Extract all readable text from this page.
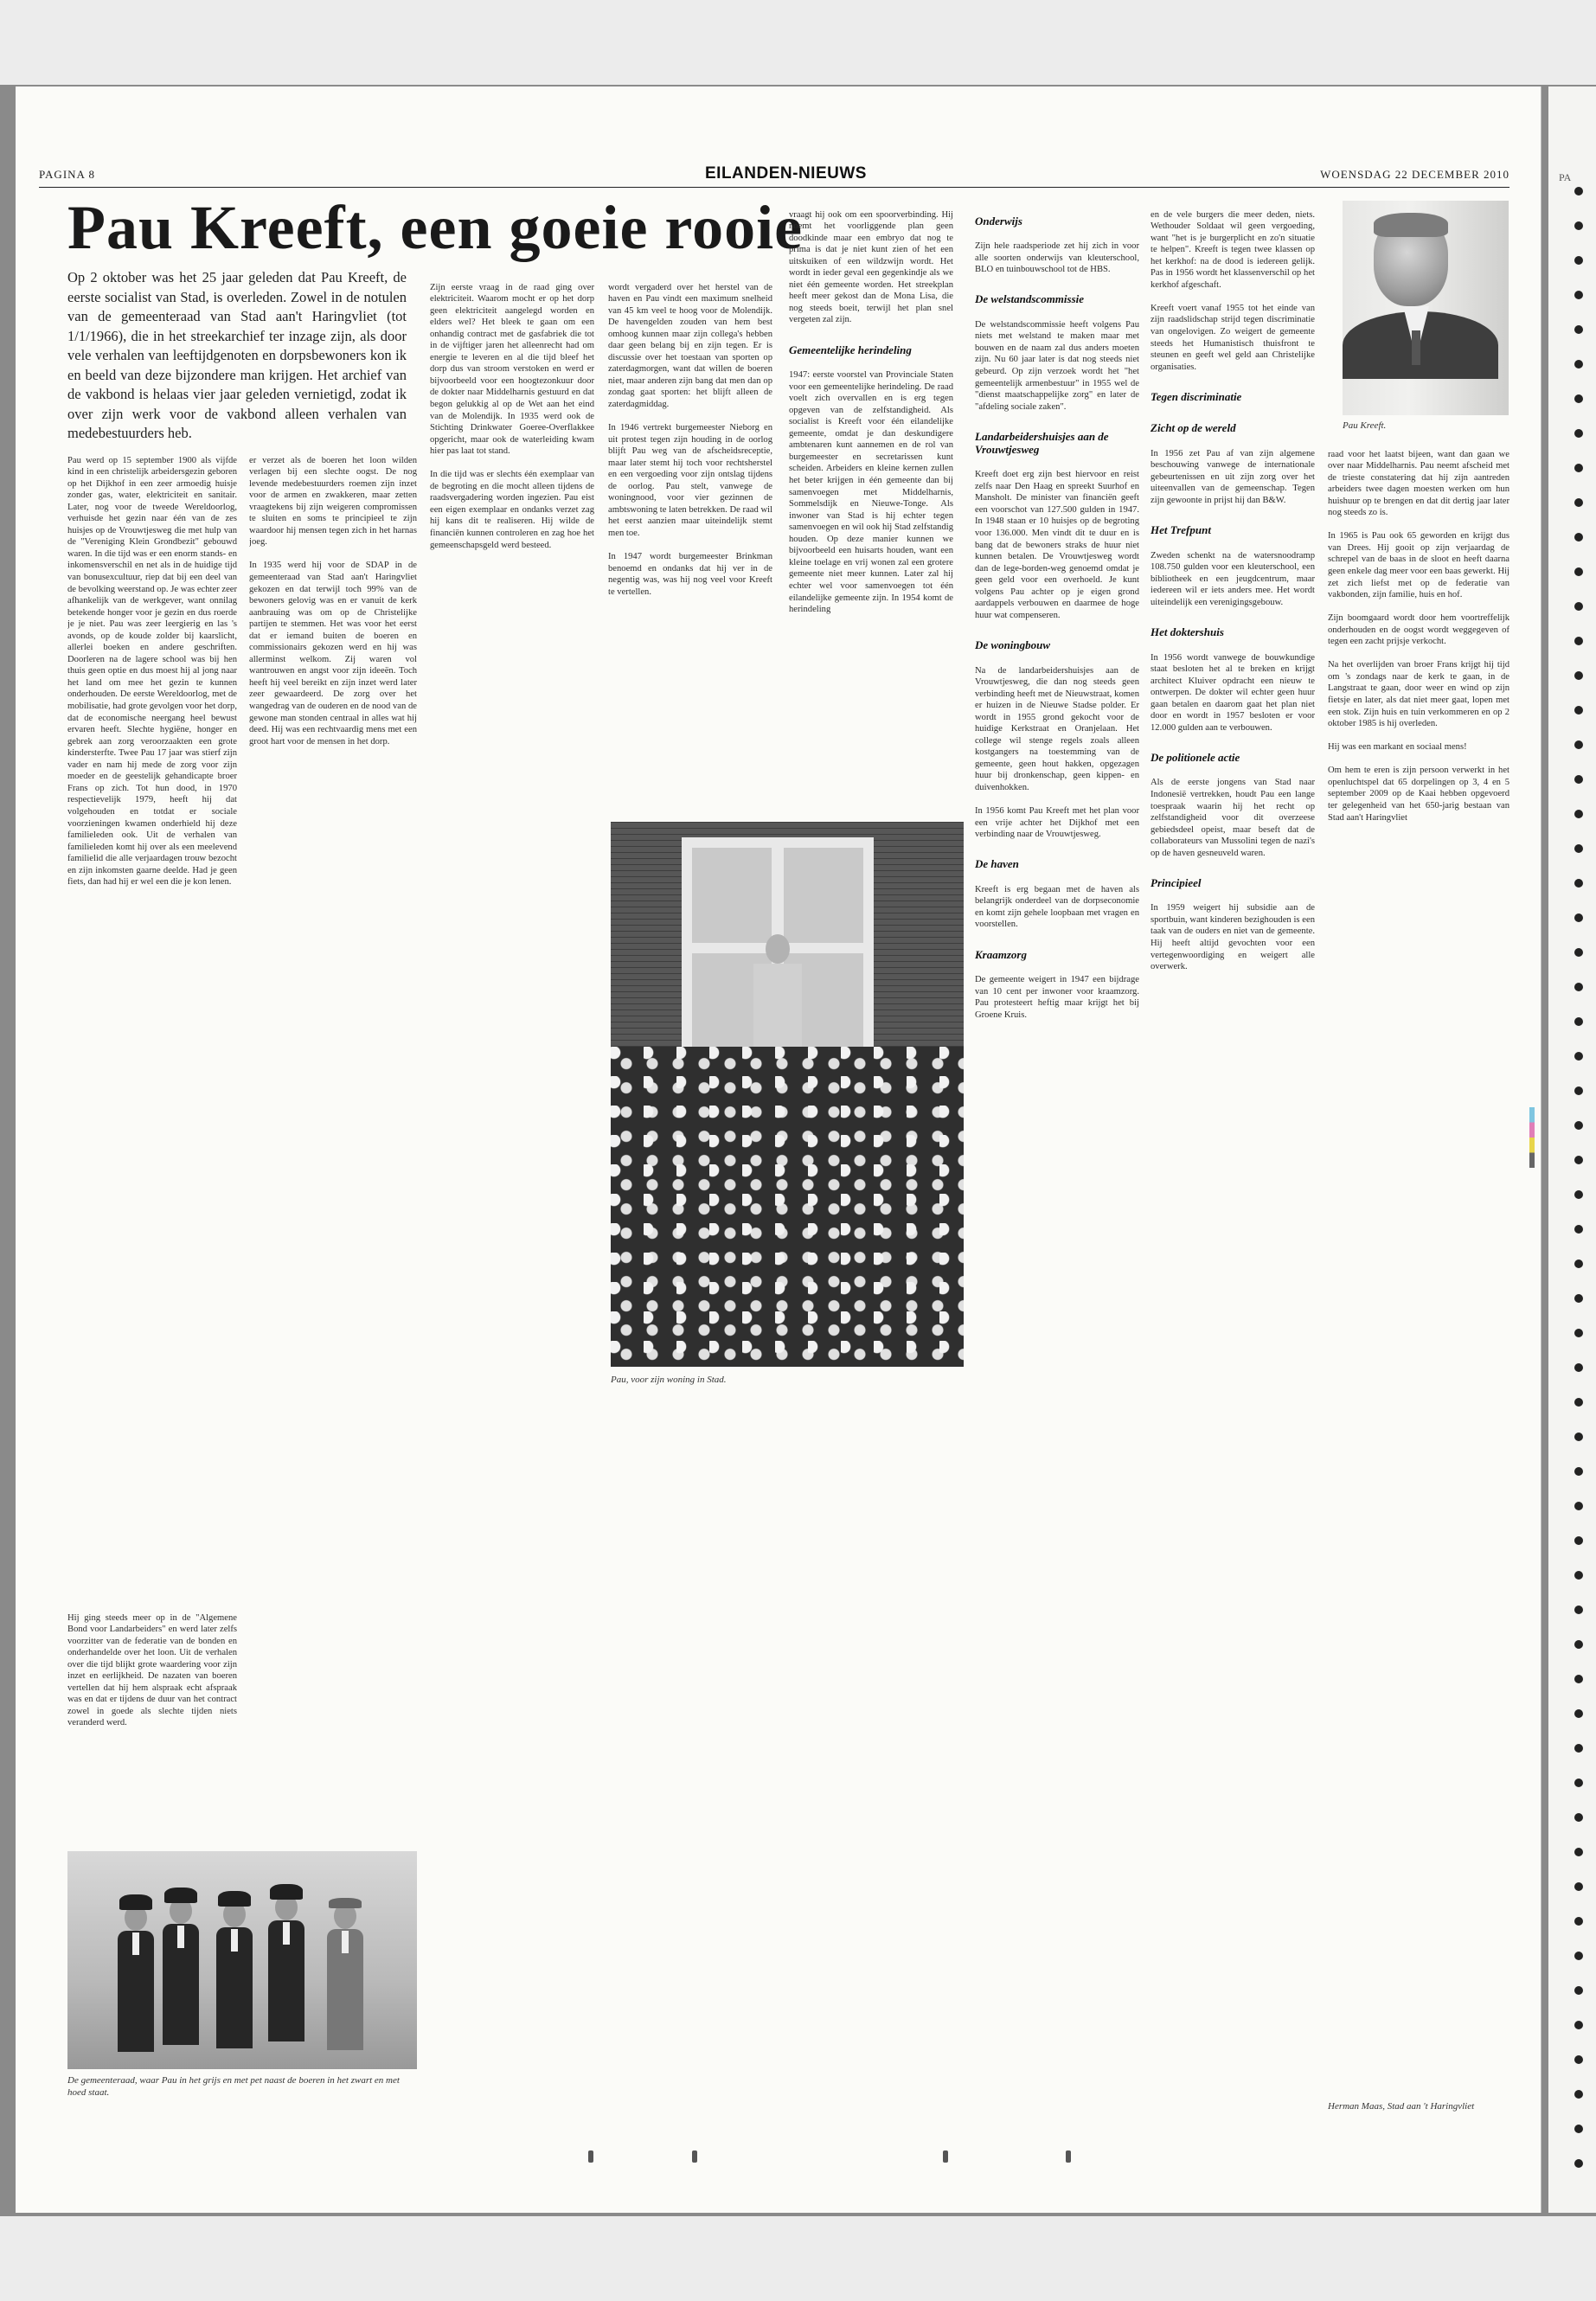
PA
PAGINA 8	EILANDEN-NIEUWS	WOENSDAG 22 DECEMBER 2010
Pau Kreeft, een goeie rooie
Op 2 oktober was het 25 jaar geleden dat Pau Kreeft, de eerste socialist van Stad, is overleden. Zowel in de notulen van de gemeenteraad van Stad aan't Haringvliet (tot 1/1/1966), die in het streekarchief ter inzage zijn, als door vele verhalen van leeftijdgenoten en dorpsbewoners kon ik en beeld van deze bijzondere man krijgen. Het archief van de vakbond is helaas vier jaar geleden vernietigd, zodat ik over zijn werk voor de vakbond alleen verhalen van medebestuurders heb.

Pau werd op 15 september 1900 als vijfde kind in een christelijk arbeidersgezin geboren op het Dijkhof in een zeer armoedig huisje zonder gas, water, elektriciteit en sanitair. Later, nog voor de tweede Wereldoorlog, verhuisde het gezin naar één van de zes huisjes op de Vrouwtjesweg die met hulp van de "Vereniging Klein Grondbezit" gebouwd waren. In die tijd was er een enorm stands- en inkomensverschil en net als in de huidige tijd van bonusexcultuur, riep dat bij een deel van de bevolking weerstand op. Je was echter zeer afhankelijk van de werkgever, want onnilag betekende honger voor je gezin en dus roerde je je niet. Pau was zeer leergierig en las 's avonds, op de koude zolder bij kaarslicht, allerlei boeken en andere geschriften. Doorleren na de lagere school was bij hen thuis geen optie en dus moest hij al jong naar het land om mee het gezin te kunnen onderhouden. De eerste Wereldoorlog, met de mobilisatie, had grote gevolgen voor het dorp, dat de economische neergang heel bewust ervaren heeft. Slechte hygiëne, honger en gebrek aan zorg veroorzaakten een grote kindersterfte. Twee Pau 17 jaar was stierf zijn vader en nam hij mede de zorg voor zijn moeder en de geestelijk gehandicapte broer Frans op zich. Tot hun dood, in 1970 respectievelijk 1979, heeft hij dat volgehouden en totdat er sociale voorzieningen kwamen onderhield hij deze familieleden ook. Uit de verhalen van familieleden komt hij over als een meelevend familielid die alle verjaardagen trouw bezocht en zijn inkomsten gaarne deelde. Had je geen fiets, dan had hij er wel een die je kon lenen.

er verzet als de boeren het loon wilden verlagen bij een slechte oogst. De nog levende medebestuurders roemen zijn inzet voor de armen en zwakkeren, maar zetten vraagtekens bij zijn weigeren compromissen te sluiten en soms te principieel te zijn waardoor hij mensen tegen zich in het harnas joeg.

In 1935 werd hij voor de SDAP in de gemeenteraad van Stad aan't Haringvliet gekozen en dat terwijl toch 99% van de bewoners gelovig was en er vanuit de kerk aanbrauing was om op de Christelijke partijen te stemmen. Het was voor het eerst dat er iemand buiten de boeren en commissionairs gekozen werd en hij was allerminst welkom. Zij waren vol wantrouwen en angst voor zijn ideeën. Toch heeft hij veel bereikt en zijn inzet werd later zeer gewaardeerd. De zorg over het wangedrag van de ouderen en de nood van de gewone man stonden centraal in alles wat hij deed. Hij was een rechtvaardig mens met een groot hart voor de mensen in het dorp.

Hij ging steeds meer op in de "Algemene Bond voor Landarbeiders" en werd later zelfs voorzitter van de federatie van de bonden en onderhandelde over het loon. Uit de verhalen over die tijd blijkt grote waardering voor zijn inzet en eerlijkheid. De nazaten van boeren vertellen dat hij hem alspraak echt afspraak was en dat er tijdens de duur van het contract zowel in goede als slechte tijden niets veranderd werd.

Zijn eerste vraag in de raad ging over elektriciteit. Waarom mocht er op het dorp geen elektriciteit aangelegd worden en elders wel? Het bleek te gaan om een onhandig contract met de gasfabriek die tot in de vijftiger jaren het alleenrecht had om energie te leveren en al die tijd bleef het dorp dus van stroom verstoken en werd er bijvoorbeeld voor een hoogtezonkuur door de dokter naar Middelharnis gestuurd en dat begon gelukkig al op de Wet aan het eind van de Molendijk. In 1935 werd ook de Stichting Drinkwater Goeree-Overflakkee opgericht, maar ook de waterleiding kwam hier pas laat tot stand.

In die tijd was er slechts één exemplaar van de begroting en die mocht alleen tijdens de raadsvergadering worden ingezien. Pau eist een eigen exemplaar en ondanks verzet zag hij kans dit te realiseren. Hij wilde de financiën kunnen controleren en zag hoe het gemeenschapsgeld werd besteed.

wordt vergaderd over het herstel van de haven en Pau vindt een maximum snelheid van 45 km veel te hoog voor de Molendijk. De havengelden zouden van hem best omhoog kunnen maar zijn collega's hebben daar geen belang bij en zijn tegen. Er is discussie over het toestaan van sporten op zaterdagmorgen, want dat willen de boeren niet, maar anderen zijn bang dat men dan op zondag gaat sporten: het blijft alleen de zaterdagmiddag.

In 1946 vertrekt burgemeester Nieborg en uit protest tegen zijn houding in de oorlog blijft Pau weg van de afscheidsreceptie, maar later stemt hij toch voor rechtsherstel en een vergoeding voor zijn ontslag tijdens de oorlog. Pau stelt, vanwege de woningnood, voor vier gezinnen de ambtswoning te laten betrekken. De raad wil het eerst aanzien maar uiteindelijk stemt men toe.

In 1947 wordt burgemeester Brinkman benoemd en ondanks dat hij ver in de negentig was, was hij nog veel voor Kreeft te vertellen.

vraagt hij ook om een spoorverbinding. Hij noemt het voorliggende plan geen doodkinde maar een embryo dat nog te prima is dat je niet kunt zien of het een uitskuiken of een wildzwijn wordt. Het wordt in ieder geval een gegenkindje als we niet één gemeente worden. Het streekplan heeft meer gekost dan de Mona Lisa, die nog steeds boeit, terwijl het plan snel vergeten zal zijn.

Gemeentelijke herindeling

1947: eerste voorstel van Provinciale Staten voor een gemeentelijke herindeling. De raad voelt zich overvallen en is erg tegen opgeven van de zelfstandigheid. Als socialist is Kreeft voor één eilandelijke gemeente, omdat je dan deskundigere ambtenaren kunt aannemen en de rol van burgemeester en secretarissen kunt scheiden. Arbeiders en kleine kernen zullen het beter krijgen in één gemeente dan bij samenvoegen met Middelharnis, Sommelsdijk en Nieuwe-Tonge. Als inwoner van Stad is hij echter tegen samenvoegen en wil ook hij Stad zelfstandig houden. Op deze manier kunnen we bijvoorbeeld een huisarts houden, want een kleine toelage en vrij wonen zal een grotere gemeente niet meer kunnen. Later zal hij echter wel voor samenvoegen tot één eilandelijke gemeente zijn. In 1954 komt de herindeling

Onderwijs

Zijn hele raadsperiode zet hij zich in voor alle soorten onderwijs van kleuterschool, BLO en tuinbouwschool tot de HBS.

De welstandscommissie

De welstandscommissie heeft volgens Pau niets met welstand te maken maar met bouwen en de naam zal dus anders moeten zijn. Nu 60 jaar later is dat nog steeds niet gebeurd. Op zijn verzoek wordt het "het gemeentelijk armenbestuur" in 1955 wel de "dienst maatschappelijke zorg" en later de "afdeling sociale zaken".

Landarbeidershuisjes aan de Vrouwtjesweg

Kreeft doet erg zijn best hiervoor en reist zelfs naar Den Haag en spreekt Suurhof en Mansholt. De minister van financiën geeft een voorschot van 127.500 gulden in 1947. In 1948 staan er 10 huisjes op de begroting voor 136.000. Men vindt dit te duur en is bang dat de bewoners straks de huur niet kunnen betalen. De Vrouwtjesweg wordt dan de lege-borden-weg genoemd omdat je geen geld voor een overhoeld. Je kunt volgens Pau achter op je eigen grond aardappels verbouwen en daarmee de hoge huur wat compenseren.

De woningbouw

Na de landarbeidershuisjes aan de Vrouwtjesweg, die dan nog steeds geen verbinding heeft met de Nieuwstraat, komen er huizen in de Nieuwe Stadse polder. Er wordt in 1955 grond gekocht voor de huidige Kerkstraat en Oranjelaan. Het college wil stenge regels zoals alleen kostgangers na toestemming van de gemeente, geen hout hakken, opgezagen huur bij dronkenschap, geen kippen- en duivenhokken.

In 1956 komt Pau Kreeft met het plan voor een vrije achter het Dijkhof met een verbinding naar de Vrouwtjesweg.

De haven

Kreeft is erg begaan met de haven als belangrijk onderdeel van de dorpseconomie en komt zijn gehele loopbaan met vragen en voorstellen.

Kraamzorg

De gemeente weigert in 1947 een bijdrage van 10 cent per inwoner voor kraamzorg. Pau protesteert heftig maar krijgt het bij Groene Kruis.

en de vele burgers die meer deden, niets. Wethouder Soldaat wil geen vergoeding, want "het is je burgerplicht en zo'n situatie te helpen". Kreeft is tegen twee klassen op het kerkhof: na de dood is iedereen gelijk. Pas in 1956 wordt het klassenverschil op het kerkhof afgeschaft.

Kreeft voert vanaf 1955 tot het einde van zijn raadslidschap strijd tegen discriminatie van ongelovigen. Zo weigert de gemeente steeds het Humanistisch thuisfront te steunen en geeft wel geld aan Christelijke organisaties.

Tegen discriminatie

Zicht op de wereld

In 1956 zet Pau af van zijn algemene beschouwing vanwege de internationale gebeurtenissen en uit zijn zorg over het uiteenvallen van de gemeenschap. Tegen zijn gewoonte in prijst hij dan B&W.

Het Trefpunt

Zweden schenkt na de watersnoodramp 108.750 gulden voor een kleuterschool, een bibliotheek en een jeugdcentrum, maar iedereen wil er iets anders mee. Het wordt uiteindelijk een verenigingsgebouw.

Het doktershuis

In 1956 wordt vanwege de bouwkundige staat besloten het al te breken en krijgt architect Kluiver opdracht een nieuw te ontwerpen. De dokter wil echter geen huur gaan betalen en daarom gaat het plan niet door en wordt in 1957 besloten er voor 12.000 gulden aan te verbouwen.

De politionele actie

Als de eerste jongens van Stad naar Indonesië vertrekken, houdt Pau een lange toespraak waarin hij het recht op zelfstandigheid voor dit overzeese gebiedsdeel opeist, maar beseft dat de collaborateurs van Mussolini tegen de nazi's op de haven gesneuveld waren.

Principieel

In 1959 weigert hij subsidie aan de sportbuin, want kinderen bezighouden is een taak van de ouders en niet van de gemeente. Hij heeft altijd gevochten voor een vertegenwoordiging en weigert alle overwerk.

raad voor het laatst bijeen, want dan gaan we over naar Middelharnis. Pau neemt afscheid met de trieste constatering dat hij zijn aantreden arbeiders twee dagen moesten werken om hun huishuur op te brengen en dat dit dertig jaar later nog steeds zo is.

In 1965 is Pau ook 65 geworden en krijgt dus van Drees. Hij gooit op zijn verjaardag de schrepel van de baas in de sloot en heeft daarna geen enkele dag meer voor een baas gewerkt. Hij zet zich liefst met op de federatie van vakbonden, zijn familie, huis en hof.

Zijn boomgaard wordt door hem voortreffelijk onderhouden en de oogst wordt weggegeven of tegen een zacht prijsje verkocht.

Na het overlijden van broer Frans krijgt hij tijd om 's zondags naar de kerk te gaan, in de Langstraat te gaan, door weer en wind op zijn fietsje en later, als dat niet meer gaat, lopen met een stok. Zijn huis en tuin verkommeren en op 2 oktober 1985 is hij overleden.

Hij was een markant en sociaal mens!

Om hem te eren is zijn persoon verwerkt in het openluchtspel dat 65 dorpelingen op 3, 4 en 5 september 2009 op de Kaai hebben opgevoerd ter gelegenheid van het 650-jarig bestaan van Stad aan't Haringvliet

Pau Kreeft.
Pau, voor zijn woning in Stad.
De gemeenteraad, waar Pau in het grijs en met pet naast de boeren in het zwart en met hoed staat.
Herman Maas, Stad aan 't Haringvliet
